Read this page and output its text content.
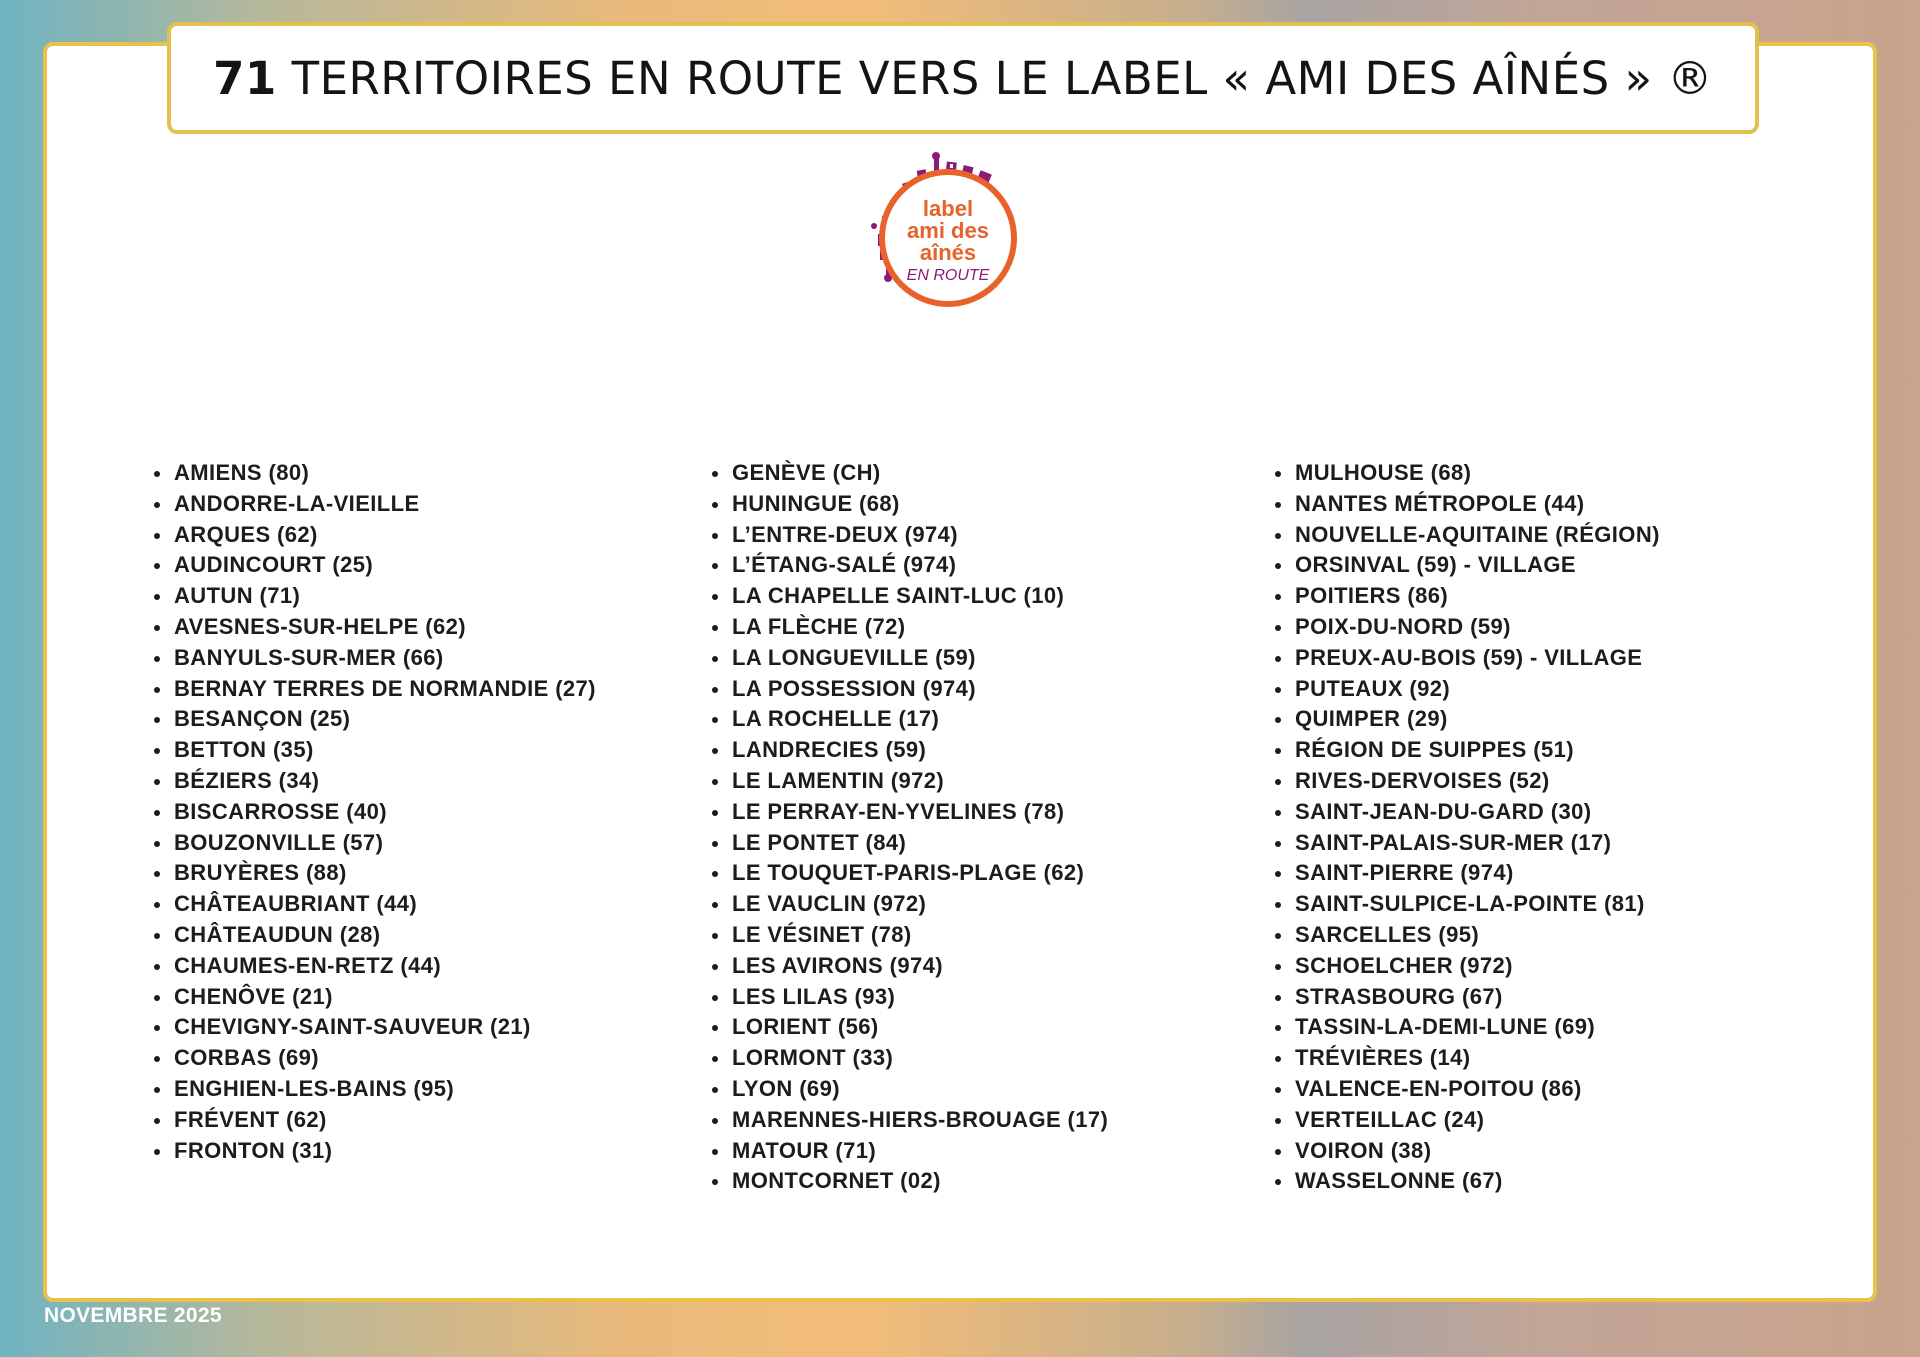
71 TERRITOIRES EN ROUTE VERS LE LABEL « AMI DES AÎNÉS » ®
label
ami des
aînés
EN ROUTE
AMIENS (80)
ANDORRE-LA-VIEILLE
ARQUES (62)
AUDINCOURT (25)
AUTUN (71)
AVESNES-SUR-HELPE (62)
BANYULS-SUR-MER (66)
BERNAY TERRES DE NORMANDIE (27)
BESANÇON (25)
BETTON (35)
BÉZIERS (34)
BISCARROSSE (40)
BOUZONVILLE (57)
BRUYÈRES (88)
CHÂTEAUBRIANT (44)
CHÂTEAUDUN (28)
CHAUMES-EN-RETZ (44)
CHENÔVE (21)
CHEVIGNY-SAINT-SAUVEUR (21)
CORBAS (69)
ENGHIEN-LES-BAINS (95)
FRÉVENT (62)
FRONTON (31)
GENÈVE (CH)
HUNINGUE (68)
L’ENTRE-DEUX (974)
L’ÉTANG-SALÉ (974)
LA CHAPELLE SAINT-LUC (10)
LA FLÈCHE (72)
LA LONGUEVILLE (59)
LA POSSESSION (974)
LA ROCHELLE (17)
LANDRECIES (59)
LE LAMENTIN (972)
LE PERRAY-EN-YVELINES (78)
LE PONTET (84)
LE TOUQUET-PARIS-PLAGE (62)
LE VAUCLIN (972)
LE VÉSINET (78)
LES AVIRONS (974)
LES LILAS (93)
LORIENT (56)
LORMONT (33)
LYON (69)
MARENNES-HIERS-BROUAGE (17)
MATOUR (71)
MONTCORNET (02)
MULHOUSE (68)
NANTES MÉTROPOLE (44)
NOUVELLE-AQUITAINE (RÉGION)
ORSINVAL (59) - VILLAGE
POITIERS (86)
POIX-DU-NORD (59)
PREUX-AU-BOIS (59) - VILLAGE
PUTEAUX (92)
QUIMPER (29)
RÉGION DE SUIPPES (51)
RIVES-DERVOISES (52)
SAINT-JEAN-DU-GARD (30)
SAINT-PALAIS-SUR-MER (17)
SAINT-PIERRE (974)
SAINT-SULPICE-LA-POINTE (81)
SARCELLES (95)
SCHOELCHER (972)
STRASBOURG (67)
TASSIN-LA-DEMI-LUNE (69)
TRÉVIÈRES (14)
VALENCE-EN-POITOU (86)
VERTEILLAC (24)
VOIRON (38)
WASSELONNE (67)
NOVEMBRE 2025
